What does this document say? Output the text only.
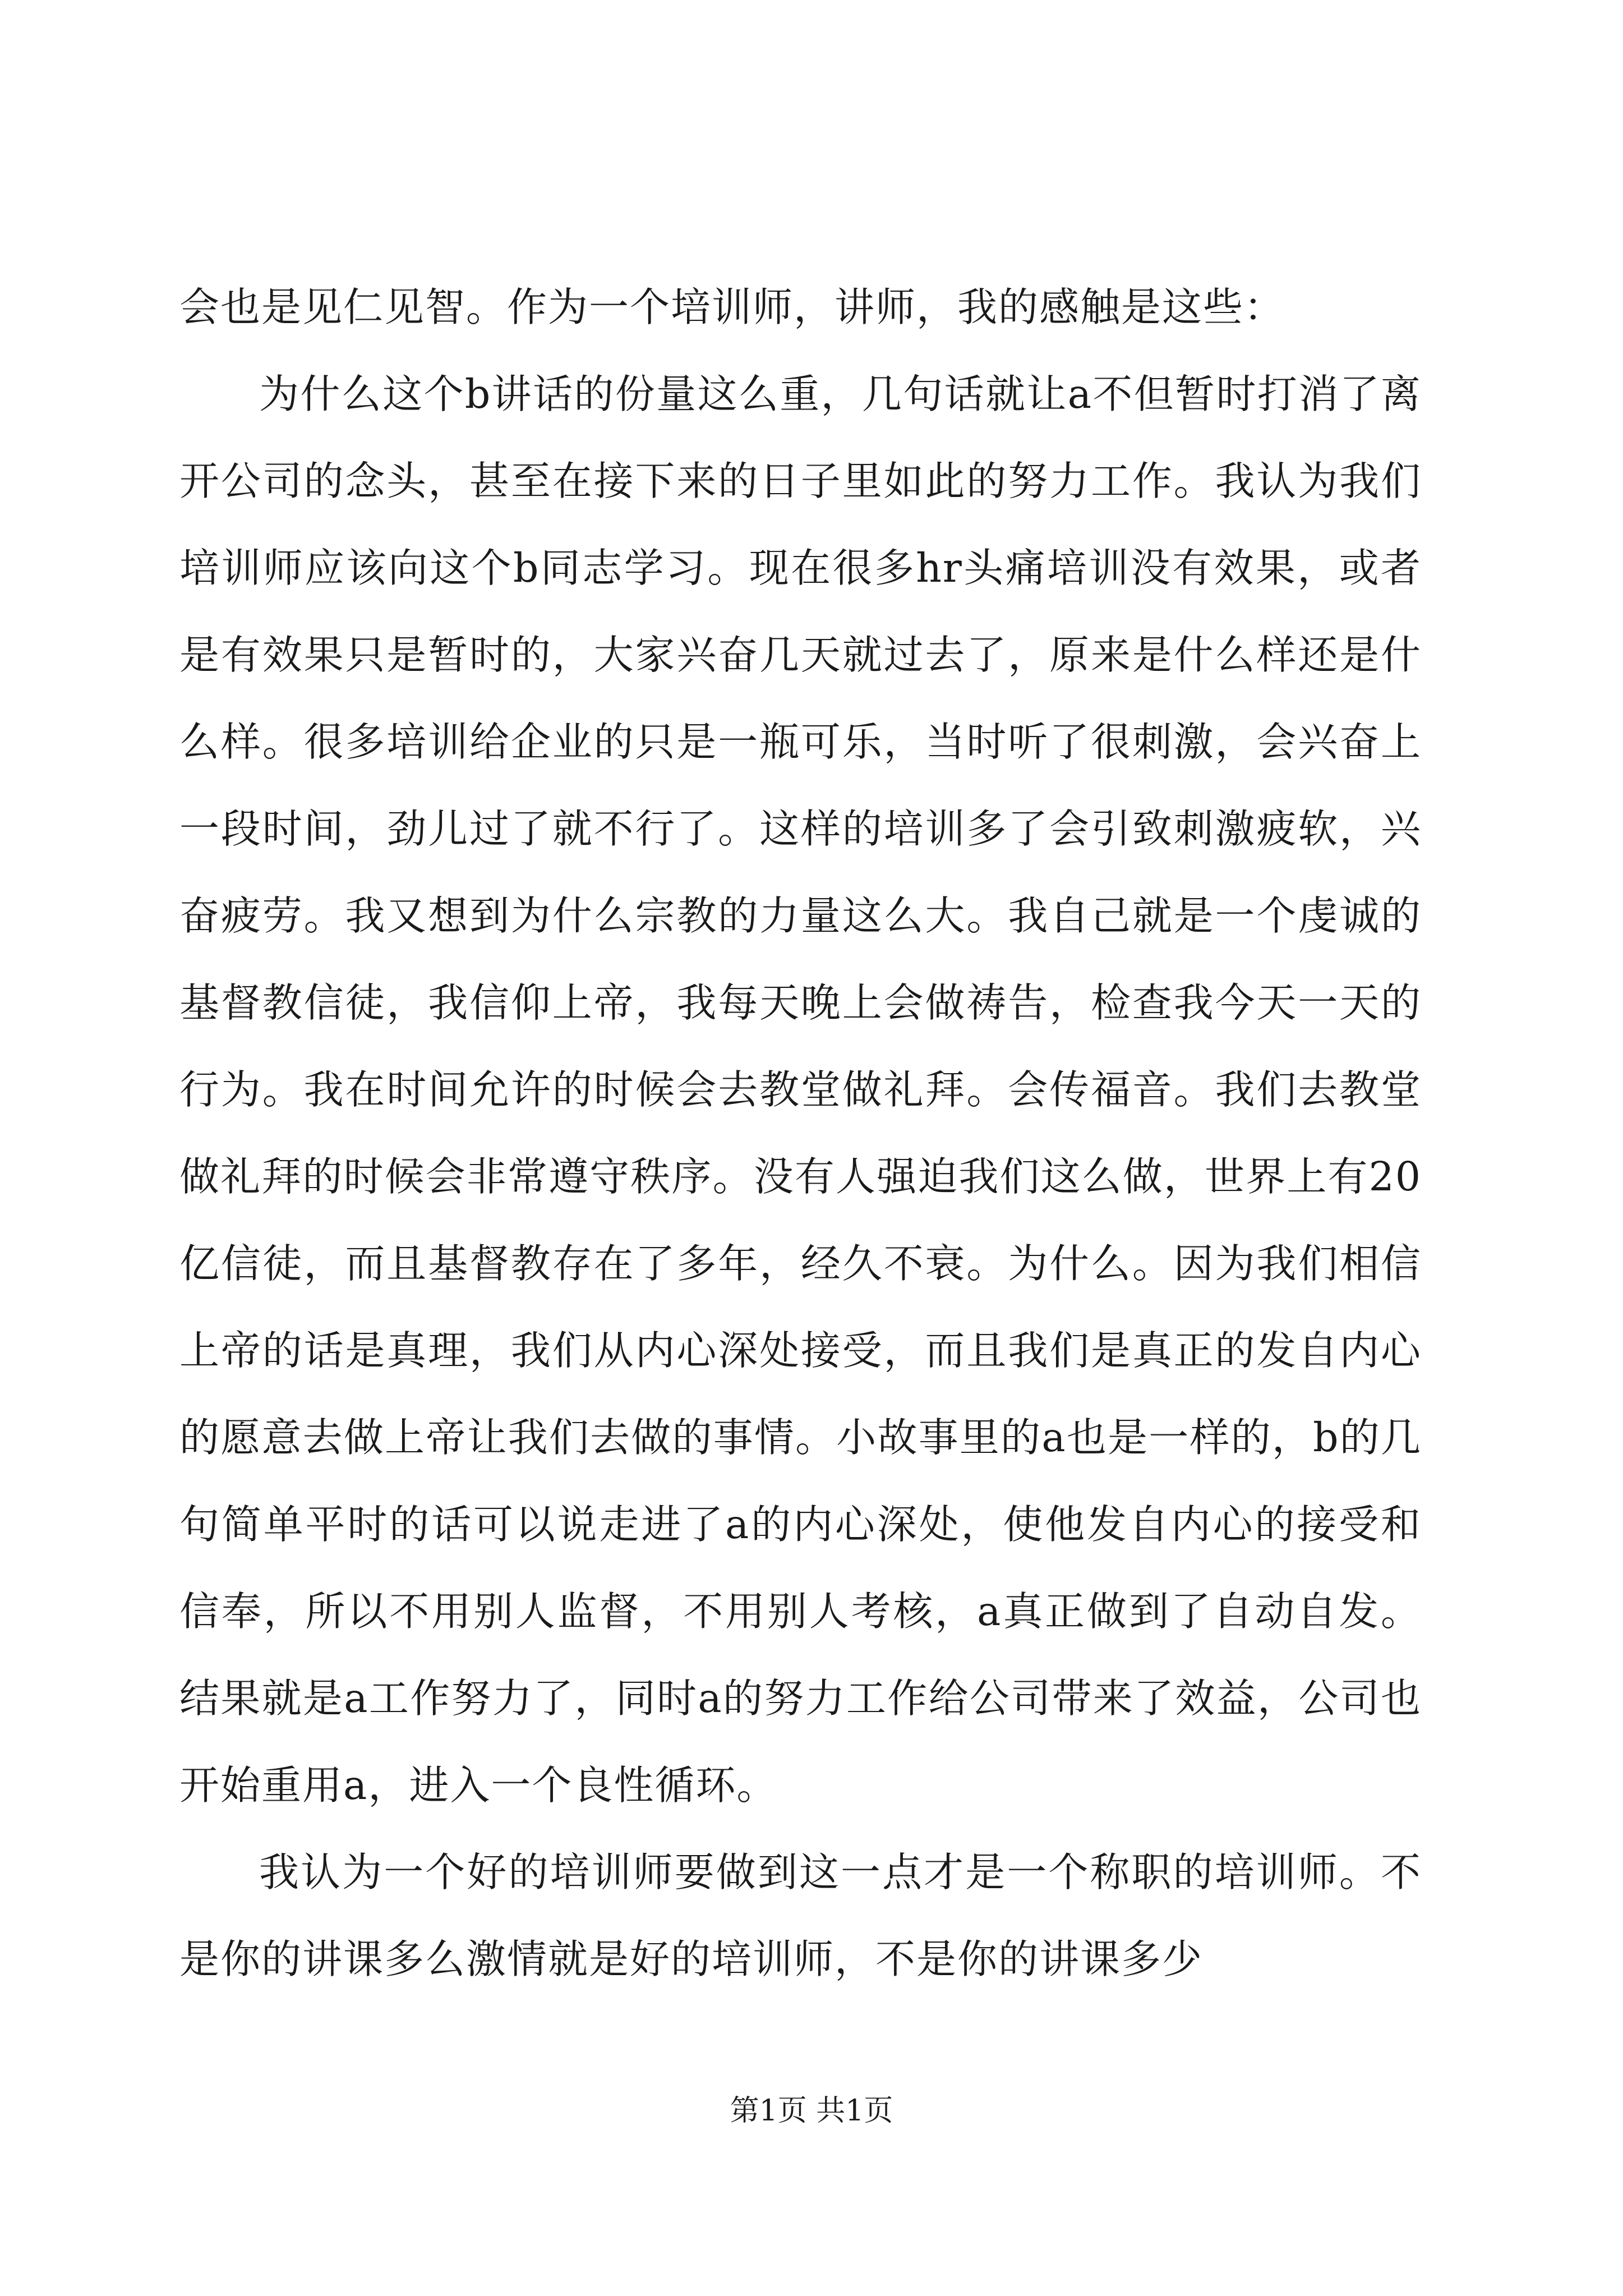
会也是见仁见智。作为一个培训师，讲师，我的感触是这些：

为什么这个b讲话的份量这么重，几句话就让a不但暂时打消了离开公司的念头，甚至在接下来的日子里如此的努力工作。我认为我们培训师应该向这个b同志学习。现在很多hr头痛培训没有效果，或者是有效果只是暂时的，大家兴奋几天就过去了，原来是什么样还是什么样。很多培训给企业的只是一瓶可乐，当时听了很刺激，会兴奋上一段时间，劲儿过了就不行了。这样的培训多了会引致刺激疲软，兴奋疲劳。我又想到为什么宗教的力量这么大。我自己就是一个虔诚的基督教信徒，我信仰上帝，我每天晚上会做祷告，检查我今天一天的行为。我在时间允许的时候会去教堂做礼拜。会传福音。我们去教堂做礼拜的时候会非常遵守秩序。没有人强迫我们这么做，世界上有20亿信徒，而且基督教存在了多年，经久不衰。为什么。因为我们相信上帝的话是真理，我们从内心深处接受，而且我们是真正的发自内心的愿意去做上帝让我们去做的事情。小故事里的a也是一样的，b的几句简单平时的话可以说走进了a的内心深处，使他发自内心的接受和信奉，所以不用别人监督，不用别人考核，a真正做到了自动自发。结果就是a工作努力了，同时a的努力工作给公司带来了效益，公司也开始重用a，进入一个良性循环。

我认为一个好的培训师要做到这一点才是一个称职的培训师。不是你的讲课多么激情就是好的培训师，不是你的讲课多少

第1页 共1页
